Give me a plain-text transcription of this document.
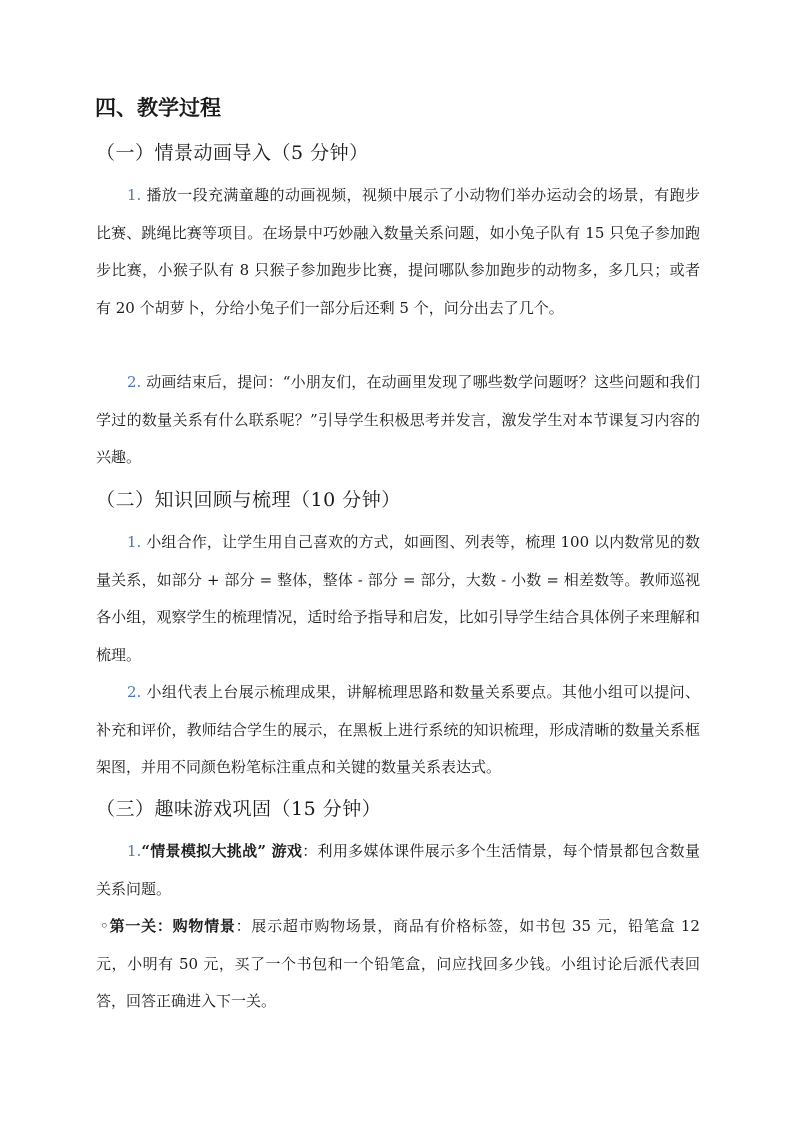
四、教学过程
（一）情景动画导入（5 分钟）
1. 播放一段充满童趣的动画视频，视频中展示了小动物们举办运动会的场景，有跑步比赛、跳绳比赛等项目。在场景中巧妙融入数量关系问题，如小兔子队有 15 只兔子参加跑步比赛，小猴子队有 8 只猴子参加跑步比赛，提问哪队参加跑步的动物多，多几只；或者有 20 个胡萝卜，分给小兔子们一部分后还剩 5 个，问分出去了几个。
2. 动画结束后，提问：“小朋友们，在动画里发现了哪些数学问题呀？这些问题和我们学过的数量关系有什么联系呢？”引导学生积极思考并发言，激发学生对本节课复习内容的兴趣。
（二）知识回顾与梳理（10 分钟）
1. 小组合作，让学生用自己喜欢的方式，如画图、列表等，梳理 100 以内数常见的数量关系，如部分 + 部分 = 整体，整体 - 部分 = 部分，大数 - 小数 = 相差数等。教师巡视各小组，观察学生的梳理情况，适时给予指导和启发，比如引导学生结合具体例子来理解和梳理。
2. 小组代表上台展示梳理成果，讲解梳理思路和数量关系要点。其他小组可以提问、补充和评价，教师结合学生的展示，在黑板上进行系统的知识梳理，形成清晰的数量关系框架图，并用不同颜色粉笔标注重点和关键的数量关系表达式。
（三）趣味游戏巩固（15 分钟）
1.“情景模拟大挑战” 游戏：利用多媒体课件展示多个生活情景，每个情景都包含数量关系问题。
◦第一关：购物情景：展示超市购物场景，商品有价格标签，如书包 35 元，铅笔盒 12 元，小明有 50 元，买了一个书包和一个铅笔盒，问应找回多少钱。小组讨论后派代表回答，回答正确进入下一关。
